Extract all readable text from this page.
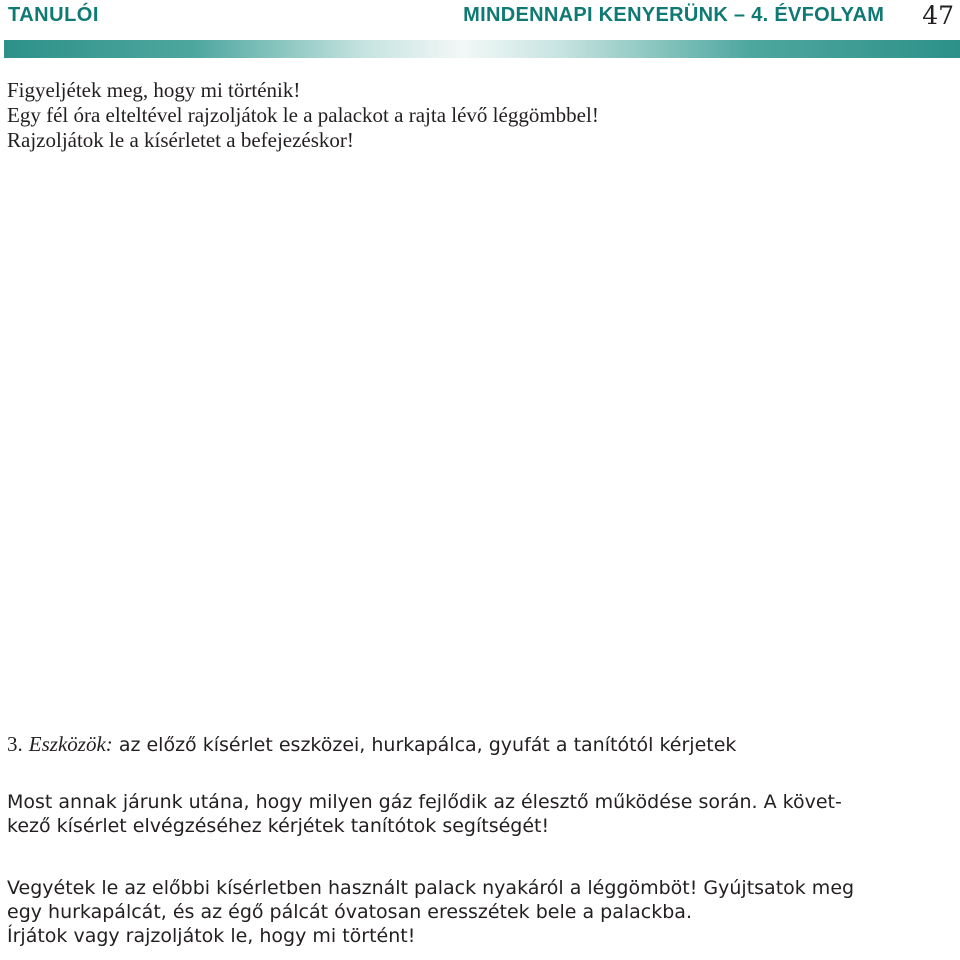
TANULÓI	MINDENNAPI KENYERÜNK – 4. ÉVFOLYAM 47

Figyeljétek meg, hogy mi történik!

Egy fél óra elteltével rajzoljátok le a palackot a rajta lévő léggömbbel!

Rajzoljátok le a kísérletet a befejezéskor!

3. Eszközök: az előző kísérlet eszközei, hurkapálca, gyufát a tanítótól kérjetek

Most annak járunk utána, hogy milyen gáz fejlődik az élesztő működése során. A követ-

kező kísérlet elvégzéséhez kérjétek tanítótok segítségét!

Vegyétek le az előbbi kísérletben használt palack nyakáról a léggömböt! Gyújtsatok meg

egy hurkapálcát, és az égő pálcát óvatosan eresszétek bele a palackba.

Írjátok vagy rajzoljátok le, hogy mi történt!
